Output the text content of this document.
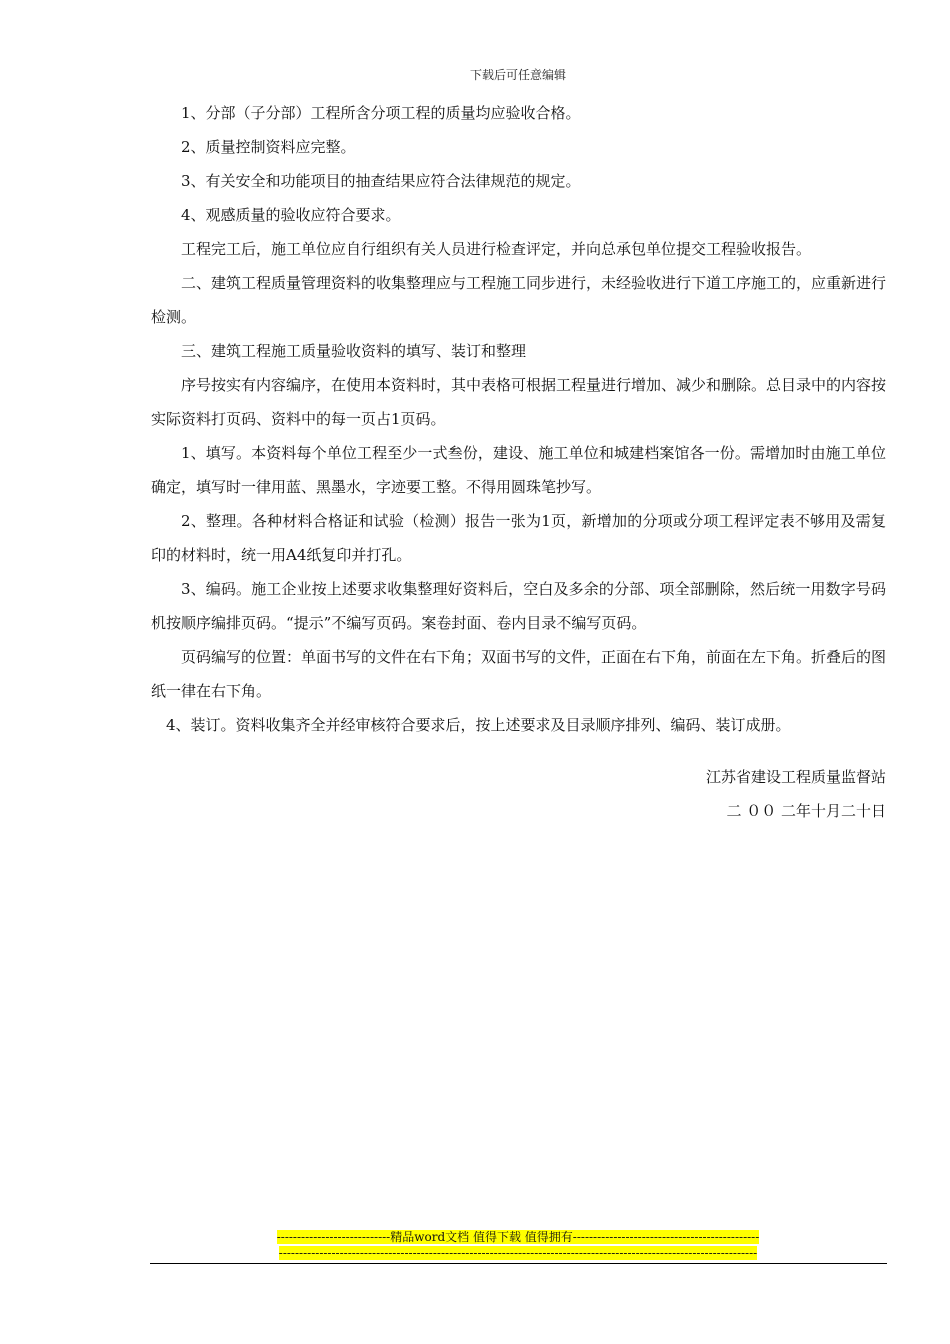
下载后可任意编辑

1、分部（子分部）工程所含分项工程的质量均应验收合格。

2、质量控制资料应完整。

3、有关安全和功能项目的抽查结果应符合法律规范的规定。

4、观感质量的验收应符合要求。

工程完工后，施工单位应自行组织有关人员进行检查评定，并向总承包单位提交工程验收报告。

二、建筑工程质量管理资料的收集整理应与工程施工同步进行，未经验收进行下道工序施工的，应重新进行检测。

三、建筑工程施工质量验收资料的填写、装订和整理

序号按实有内容编序，在使用本资料时，其中表格可根据工程量进行增加、减少和删除。总目录中的内容按实际资料打页码、资料中的每一页占1页码。

1、填写。本资料每个单位工程至少一式叁份，建设、施工单位和城建档案馆各一份。需增加时由施工单位确定，填写时一律用蓝、黑墨水，字迹要工整。不得用圆珠笔抄写。

2、整理。各种材料合格证和试验（检测）报告一张为1页，新增加的分项或分项工程评定表不够用及需复印的材料时，统一用A4纸复印并打孔。

3、编码。施工企业按上述要求收集整理好资料后，空白及多余的分部、项全部删除，然后统一用数字号码机按顺序编排页码。“提示”不编写页码。案卷封面、卷内目录不编写页码。

页码编写的位置：单面书写的文件在右下角；双面书写的文件，正面在右下角，前面在左下角。折叠后的图纸一律在右下角。

4、装订。资料收集齐全并经审核符合要求后，按上述要求及目录顺序排列、编码、装订成册。

江苏省建设工程质量监督站
二 ００ 二年十月二十日
----------------------------精品word文档 值得下载 值得拥有----------------------------------------------
----------------------------------------------------------------------------------------------------------------------
